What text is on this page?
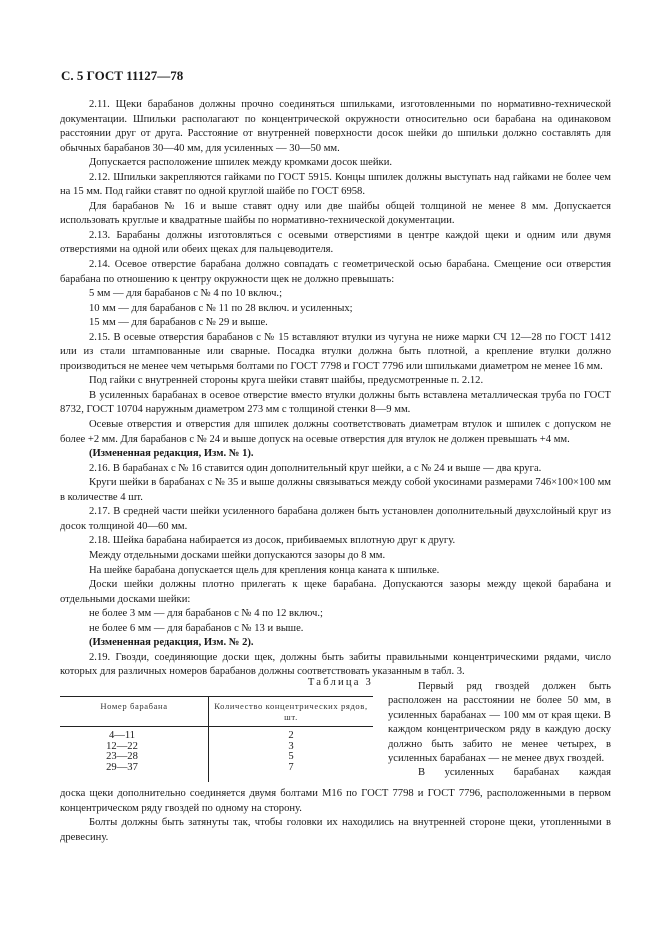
С. 5 ГОСТ 11127—78

2.11. Щеки барабанов должны прочно соединяться шпильками, изготовленными по нормативно-технической документации. Шпильки располагают по концентрической окружности относительно оси барабана на одинаковом расстоянии друг от друга. Расстояние от внутренней поверхности досок шейки до шпильки должно составлять для обычных барабанов 30—40 мм, для усиленных — 30—50 мм.

Допускается расположение шпилек между кромками досок шейки.

2.12. Шпильки закрепляются гайками по ГОСТ 5915. Концы шпилек должны выступать над гайками не более чем на 15 мм. Под гайки ставят по одной круглой шайбе по ГОСТ 6958.

Для барабанов № 16 и выше ставят одну или две шайбы общей толщиной не менее 8 мм. Допускается использовать круглые и квадратные шайбы по нормативно-технической документации.

2.13. Барабаны должны изготовляться с осевыми отверстиями в центре каждой щеки и одним или двумя отверстиями на одной или обеих щеках для пальцеводителя.

2.14. Осевое отверстие барабана должно совпадать с геометрической осью барабана. Смещение оси отверстия барабана по отношению к центру окружности щек не должно превышать:

5 мм — для барабанов с № 4 по 10 включ.;

10 мм — для барабанов с № 11 по 28 включ. и усиленных;

15 мм — для барабанов с № 29 и выше.

2.15. В осевые отверстия барабанов с № 15 вставляют втулки из чугуна не ниже марки СЧ 12—28 по ГОСТ 1412 или из стали штампованные или сварные. Посадка втулки должна быть плотной, а крепление втулки должно производиться не менее чем четырьмя болтами по ГОСТ 7798 и ГОСТ 7796 или шпильками диаметром не менее 16 мм.

Под гайки с внутренней стороны круга шейки ставят шайбы, предусмотренные п. 2.12.

В усиленных барабанах в осевое отверстие вместо втулки должны быть вставлена металлическая труба по ГОСТ 8732, ГОСТ 10704 наружным диаметром 273 мм с толщиной стенки 8—9 мм.

Осевые отверстия и отверстия для шпилек должны соответствовать диаметрам втулок и шпилек с допуском не более +2 мм. Для барабанов с № 24 и выше допуск на осевые отверстия для втулок не должен превышать +4 мм.

(Измененная редакция, Изм. № 1).

2.16. В барабанах с № 16 ставится один дополнительный круг шейки, а с № 24 и выше — два круга.

Круги шейки в барабанах с № 35 и выше должны связываться между собой укосинами размерами 746×100×100 мм в количестве 4 шт.

2.17. В средней части шейки усиленного барабана должен быть установлен дополнительный двухслойный круг из досок толщиной 40—60 мм.

2.18. Шейка барабана набирается из досок, прибиваемых вплотную друг к другу.

Между отдельными досками шейки допускаются зазоры до 8 мм.

На шейке барабана допускается щель для крепления конца каната к шпильке.

Доски шейки должны плотно прилегать к щеке барабана. Допускаются зазоры между щекой барабана и отдельными досками шейки:

не более 3 мм — для барабанов с № 4 по 12 включ.;

не более 6 мм — для барабанов с № 13 и выше.

(Измененная редакция, Изм. № 2).

2.19. Гвозди, соединяющие доски щек, должны быть забиты правильными концентрическими рядами, число которых для различных номеров барабанов должны соответствовать указанным в табл. 3.

Таблица 3
Номер барабана	Количество концентрических рядов, шт.
4—11	2
12—22	3
23—28	5
29—37	7

Первый ряд гвоздей должен быть расположен на расстоянии не более 50 мм, в усиленных барабанах — 100 мм от края щеки. В каждом концентрическом ряду в каждую доску должно быть забито не менее четырех, в усиленных барабанах — не менее двух гвоздей.

В усиленных барабанах каждая

доска щеки дополнительно соединяется двумя болтами М16 по ГОСТ 7798 и ГОСТ 7796, расположенными в первом концентрическом ряду гвоздей по одному на сторону.

Болты должны быть затянуты так, чтобы головки их находились на внутренней стороне щеки, утопленными в древесину.
